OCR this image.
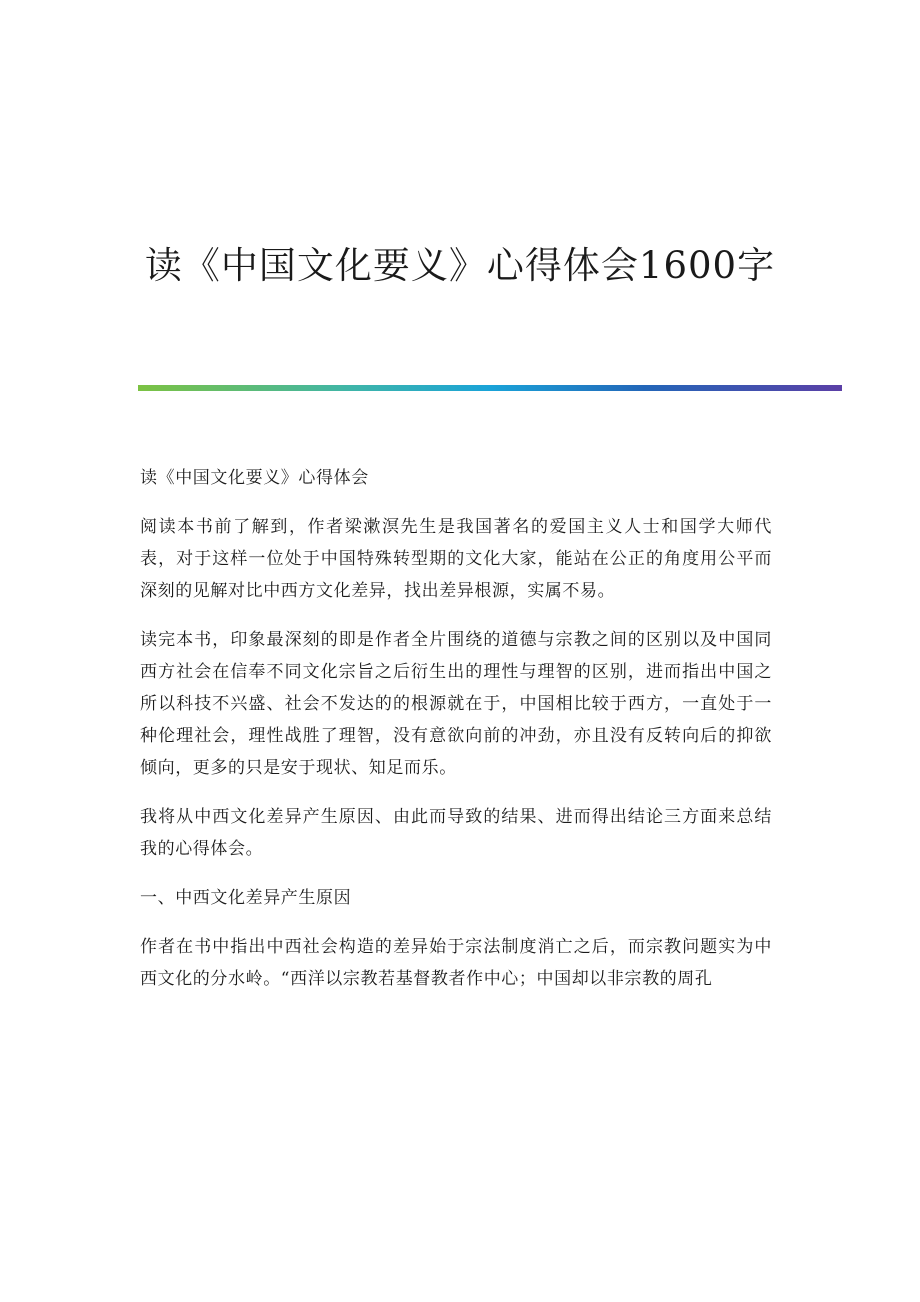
读《中国文化要义》心得体会1600字

读《中国文化要义》心得体会

阅读本书前了解到，作者梁漱溟先生是我国著名的爱国主义人士和国学大师代表，对于这样一位处于中国特殊转型期的文化大家，能站在公正的角度用公平而深刻的见解对比中西方文化差异，找出差异根源，实属不易。

读完本书，印象最深刻的即是作者全片围绕的道德与宗教之间的区别以及中国同西方社会在信奉不同文化宗旨之后衍生出的理性与理智的区别，进而指出中国之所以科技不兴盛、社会不发达的的根源就在于，中国相比较于西方，一直处于一种伦理社会，理性战胜了理智，没有意欲向前的冲劲，亦且没有反转向后的抑欲倾向，更多的只是安于现状、知足而乐。

我将从中西文化差异产生原因、由此而导致的结果、进而得出结论三方面来总结我的心得体会。

一、中西文化差异产生原因

作者在书中指出中西社会构造的差异始于宗法制度消亡之后，而宗教问题实为中西文化的分水岭。“西洋以宗教若基督教者作中心；中国却以非宗教的周孔
